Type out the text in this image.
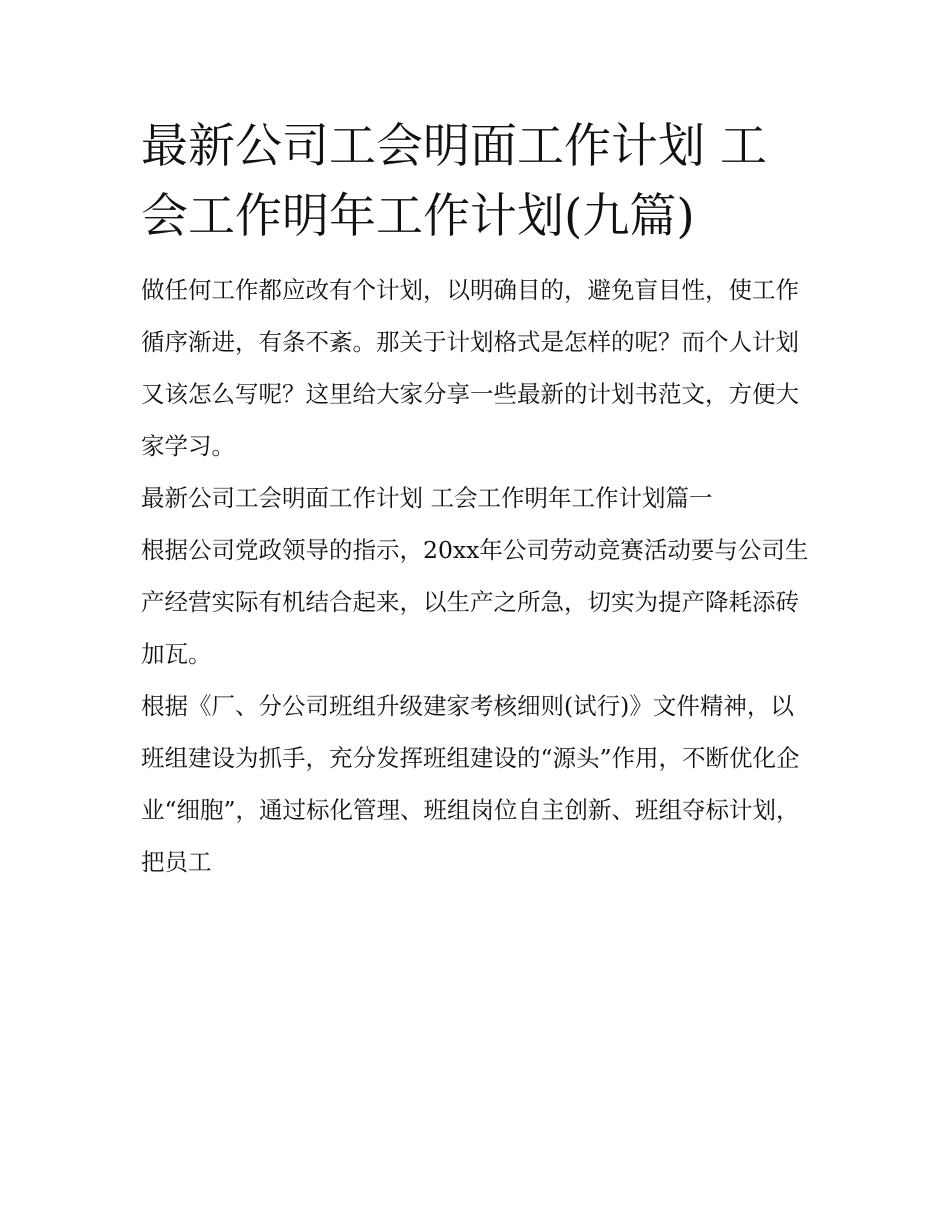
最新公司工会明面工作计划 工会工作明年工作计划(九篇)

做任何工作都应改有个计划，以明确目的，避免盲目性，使工作循序渐进，有条不紊。那关于计划格式是怎样的呢？而个人计划又该怎么写呢？这里给大家分享一些最新的计划书范文，方便大家学习。

最新公司工会明面工作计划 工会工作明年工作计划篇一

根据公司党政领导的指示，20xx年公司劳动竞赛活动要与公司生产经营实际有机结合起来，以生产之所急，切实为提产降耗添砖加瓦。

根据《厂、分公司班组升级建家考核细则(试行)》文件精神，以班组建设为抓手，充分发挥班组建设的“源头”作用，不断优化企业“细胞”，通过标化管理、班组岗位自主创新、班组夺标计划，把员工
